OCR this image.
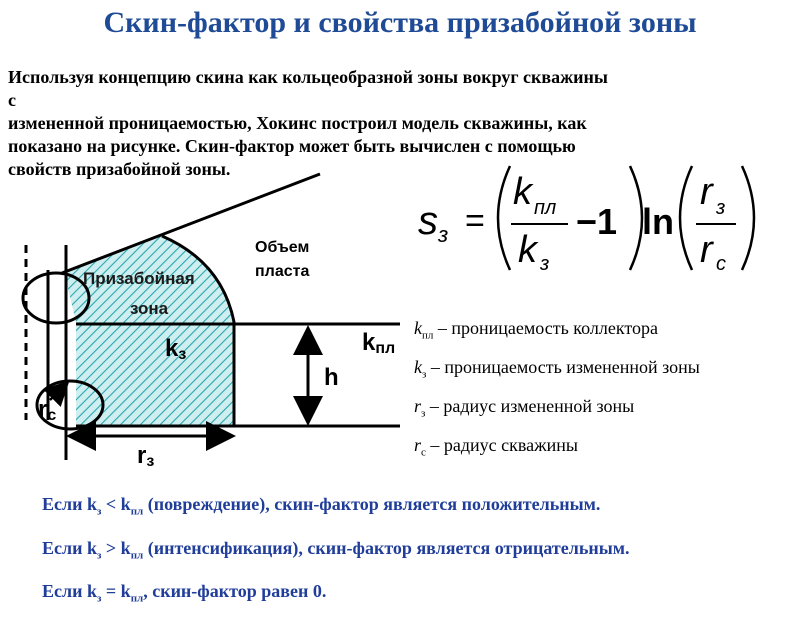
Скин-фактор и свойства призабойной зоны
Используя концепцию скина как кольцеобразной зоны вокруг скважины с
измененной проницаемостью, Хокинс построил модель скважины, как
показано на рисунке. Скин-фактор может быть вычислен с помощью
свойств призабойной зоны.
Объем
пласта
Призабойная
зона
kз	kпл
h
rз
rc
s з =
k пл
k з
−1 ln
r з
r с
$k_{пл}$ – проницаемость коллектора
$k_з$ – проницаемость измененной зоны
$r_з$ – радиус измененной зоны
$r_с$ – радиус скважины
Если $k_з < k_{пл}$ (повреждение), скин-фактор является положительным.
Если $k_з > k_{пл}$ (интенсификация), скин-фактор является отрицательным.
Если $k_з = k_{пл}$, скин-фактор равен 0.
